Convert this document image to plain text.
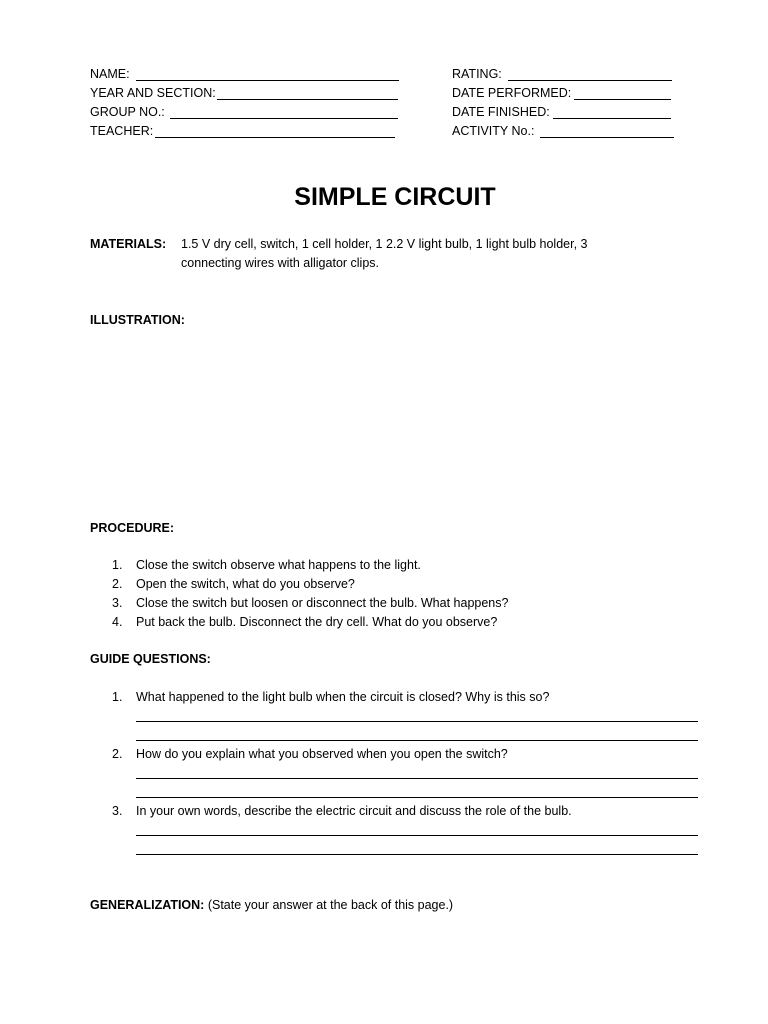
NAME:
YEAR AND SECTION:
GROUP NO.:
TEACHER:
RATING:
DATE PERFORMED:
DATE FINISHED:
ACTIVITY No.:
SIMPLE CIRCUIT
MATERIALS: 1.5 V dry cell, switch, 1 cell holder, 1 2.2 V light bulb, 1 light bulb holder, 3
connecting wires with alligator clips.
ILLUSTRATION:
PROCEDURE:
1. Close the switch observe what happens to the light.
2. Open the switch, what do you observe?
3. Close the switch but loosen or disconnect the bulb. What happens?
4. Put back the bulb. Disconnect the dry cell. What do you observe?
GUIDE QUESTIONS:
1. What happened to the light bulb when the circuit is closed? Why is this so?
2. How do you explain what you observed when you open the switch?
3. In your own words, describe the electric circuit and discuss the role of the bulb.
GENERALIZATION: (State your answer at the back of this page.)
